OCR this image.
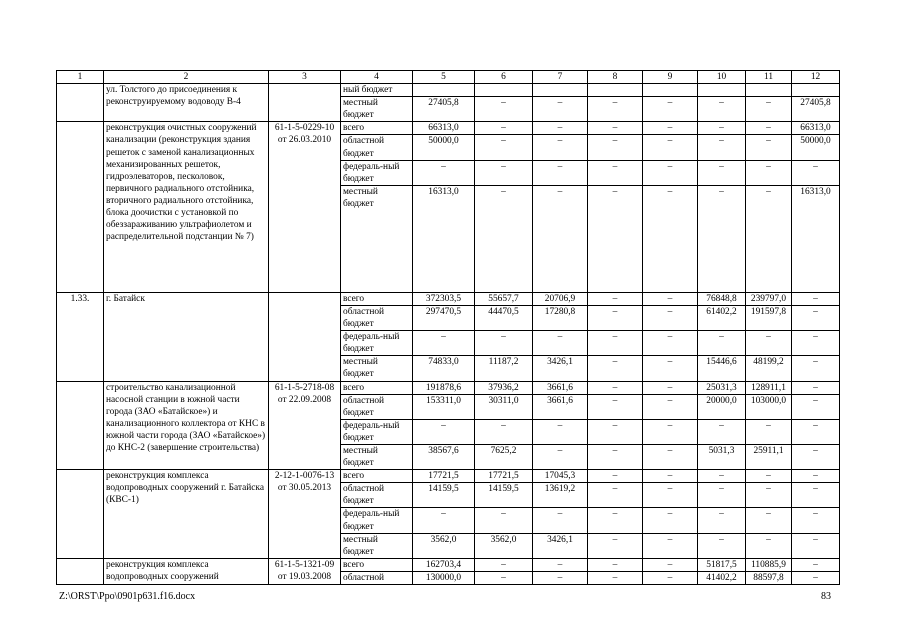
1	2	3	4	5	6	7	8	9	10	11	12
	ул. Толстого до присоединения к реконструируемому водоводу В-4		ный бюджет								
			местный бюджет	27405,8	–	–	–	–	–	–	27405,8
	реконструкция очистных сооружений канализации (реконструкция здания решеток с заменой канализационных механизированных решеток, гидроэлеваторов, песколовок, первичного радиального отстойника, вторичного радиального отстойника, блока доочистки с установкой по обеззараживанию ультрафиолетом и распределительной подстанции № 7)	61-1-5-0229-10 от 26.03.2010	всего	66313,0	–	–	–	–	–	–	66313,0
			областной бюджет	50000,0	–	–	–	–	–	–	50000,0
			федераль-ный бюджет	–	–	–	–	–	–	–	–
			местный бюджет	16313,0	–	–	–	–	–	–	16313,0
1.33.	г. Батайск		всего	372303,5	55657,7	20706,9	–	–	76848,8	239797,0	–
			областной бюджет	297470,5	44470,5	17280,8	–	–	61402,2	191597,8	–
			федераль-ный бюджет	–	–	–	–	–	–	–	–
			местный бюджет	74833,0	11187,2	3426,1	–	–	15446,6	48199,2	–
	строительство канализационной насосной станции в южной части города (ЗАО «Батайское») и канализационного коллектора от КНС в южной части города (ЗАО «Батайское») до КНС-2 (завершение строительства)	61-1-5-2718-08 от 22.09.2008	всего	191878,6	37936,2	3661,6	–	–	25031,3	128911,1	–
			областной бюджет	153311,0	30311,0	3661,6	–	–	20000,0	103000,0	–
			федераль-ный бюджет	–	–	–	–	–	–	–	–
			местный бюджет	38567,6	7625,2	–	–	–	5031,3	25911,1	–
	реконструкция комплекса водопроводных сооружений г. Батайска (КВС-1)	2-12-1-0076-13 от 30.05.2013	всего	17721,5	17721,5	17045,3	–	–	–	–	–
			областной бюджет	14159,5	14159,5	13619,2	–	–	–	–	–
			федераль-ный бюджет	–	–	–	–	–	–	–	–
			местный бюджет	3562,0	3562,0	3426,1	–	–	–	–	–
	реконструкция комплекса водопроводных сооружений	61-1-5-1321-09 от 19.03.2008	всего	162703,4	–	–	–	–	51817,5	110885,9	–
			областной	130000,0	–	–	–	–	41402,2	88597,8	–
Z:\ORST\Ppo\0901p631.f16.docx	83
